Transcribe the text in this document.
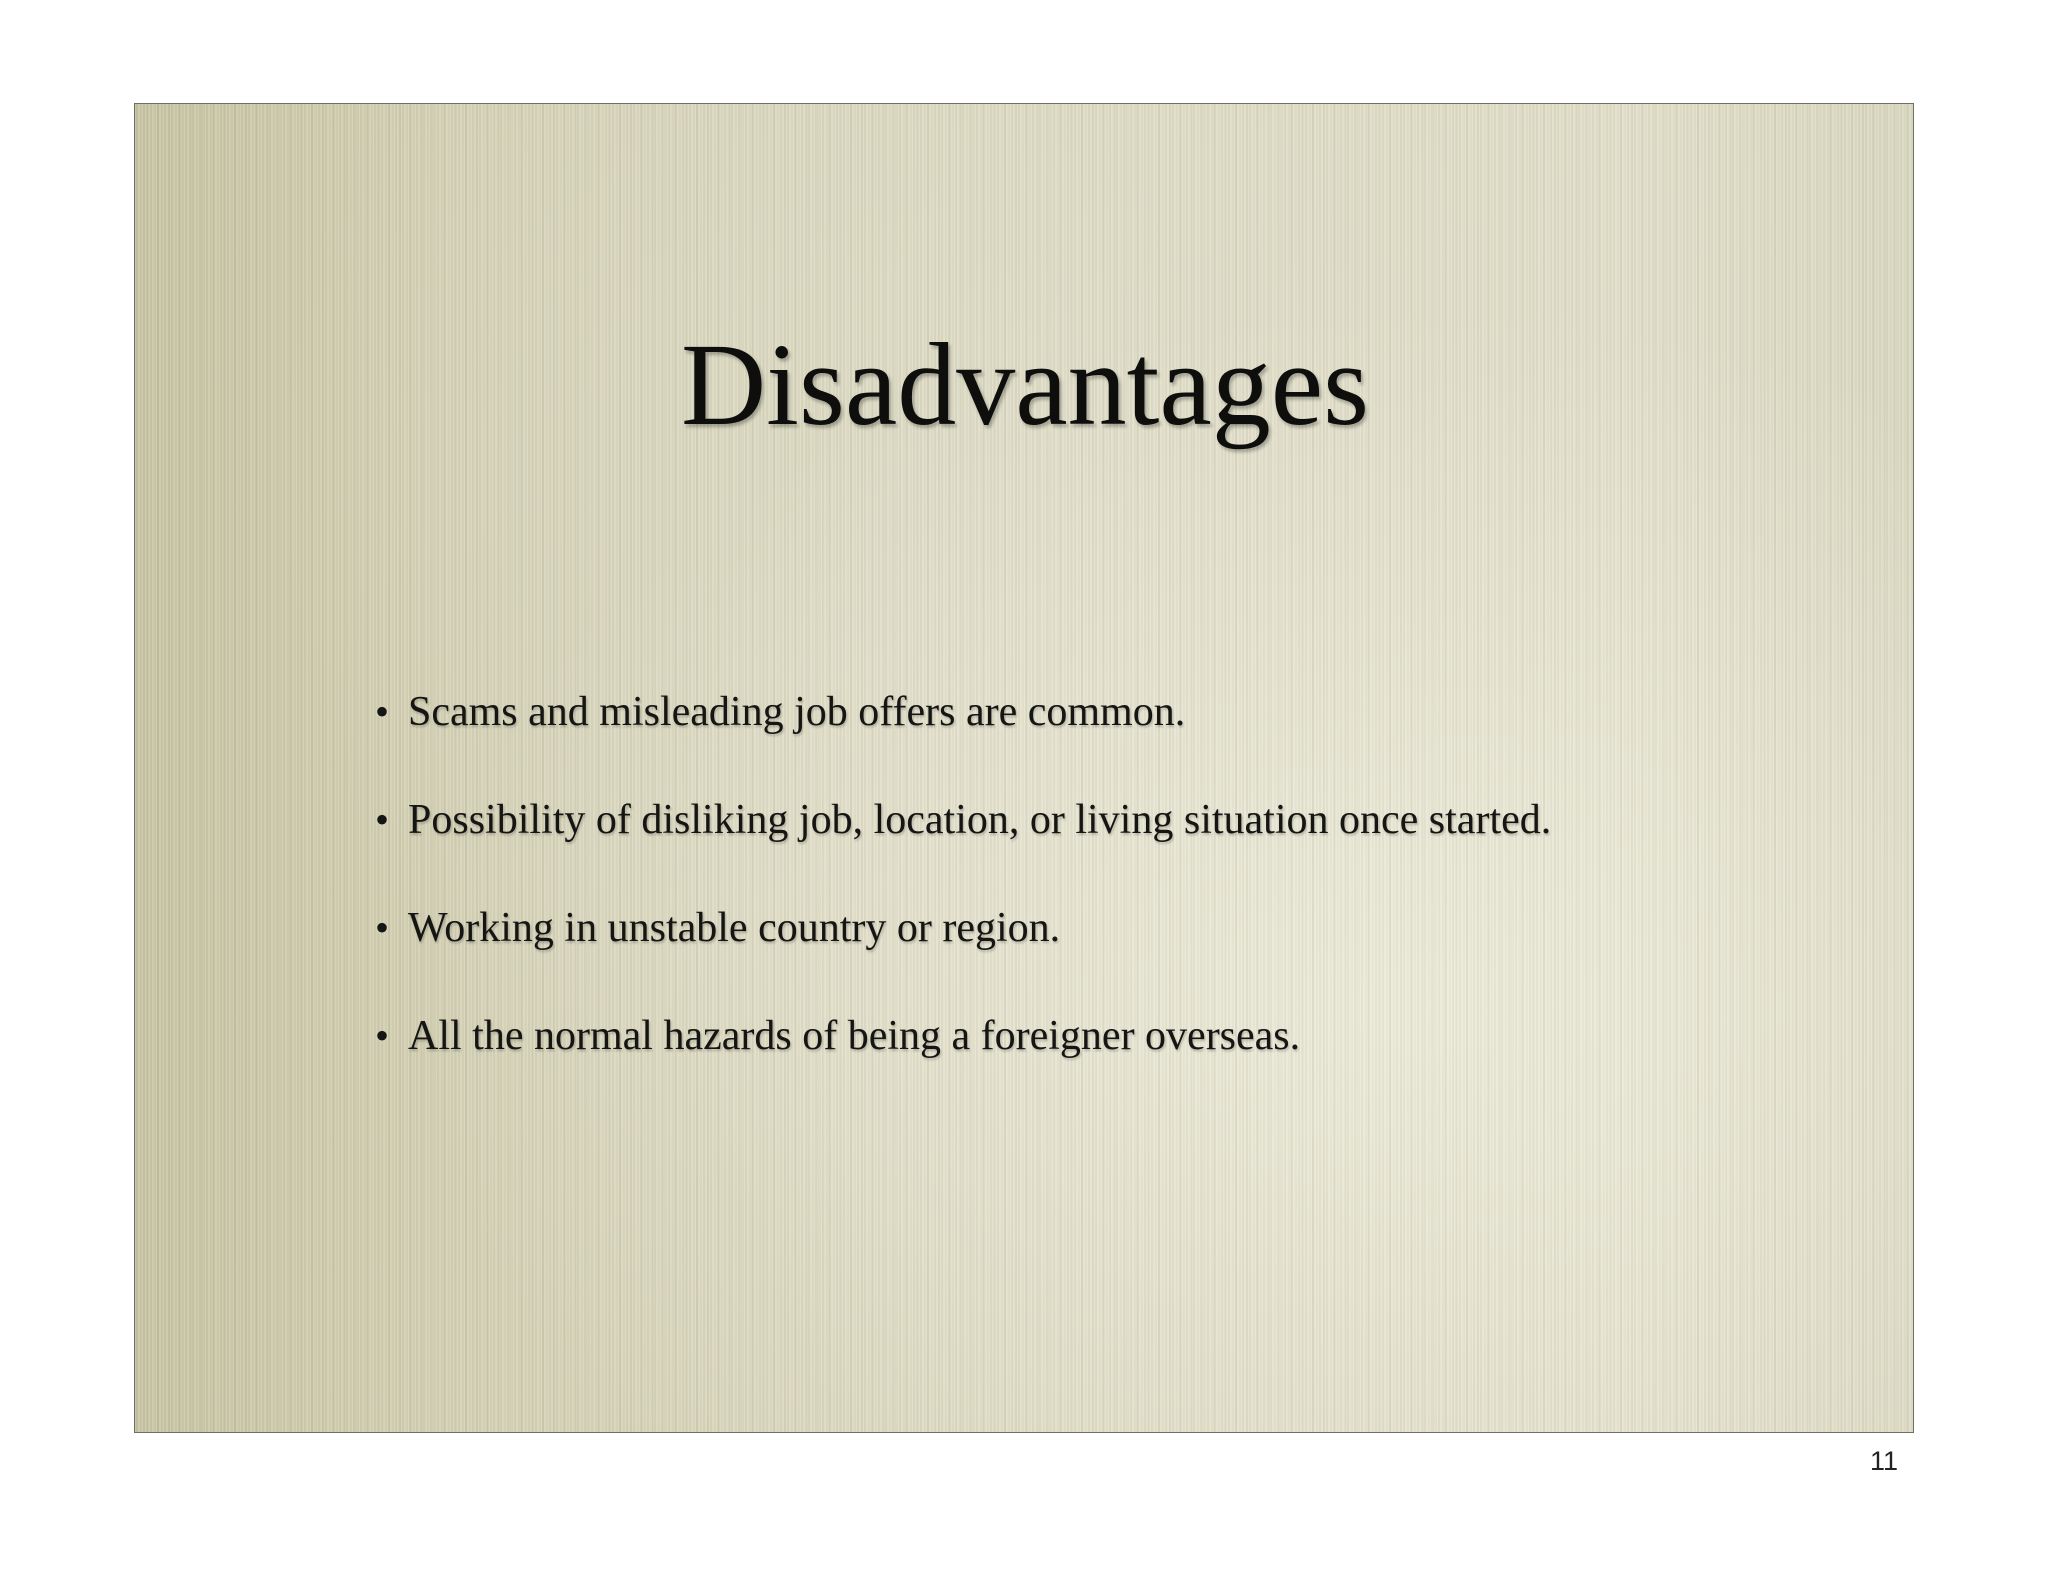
Disadvantages
• Scams and misleading job offers are common.
• Possibility of disliking job, location, or living situation once started.
• Working in unstable country or region.
• All the normal hazards of being a foreigner overseas.
11
